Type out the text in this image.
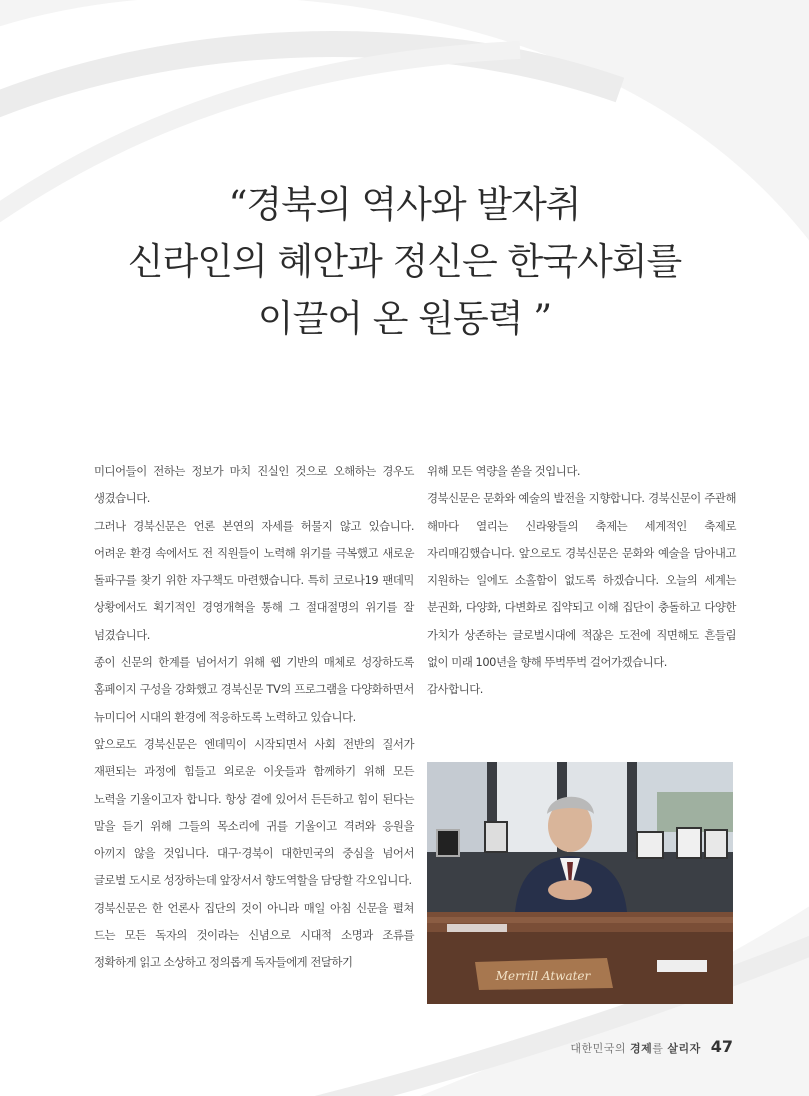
“경북의 역사와 발자취
신라인의 혜안과 정신은 한국사회를
이끌어 온 원동력 ”

미디어들이 전하는 정보가 마치 진실인 것으로 오해하는 경우도 생겼습니다.

그러나 경북신문은 언론 본연의 자세를 허물지 않고 있습니다. 어려운 환경 속에서도 전 직원들이 노력해 위기를 극복했고 새로운 돌파구를 찾기 위한 자구책도 마련했습니다. 특히 코로나19 팬데믹 상황에서도 획기적인 경영개혁을 통해 그 절대절명의 위기를 잘 넘겼습니다.

종이 신문의 한계를 넘어서기 위해 웹 기반의 매체로 성장하도록 홈페이지 구성을 강화했고 경북신문 TV의 프로그램을 다양화하면서 뉴미디어 시대의 환경에 적응하도록 노력하고 있습니다.

앞으로도 경북신문은 엔데믹이 시작되면서 사회 전반의 질서가 재편되는 과정에 힘들고 외로운 이웃들과 함께하기 위해 모든 노력을 기울이고자 합니다. 항상 곁에 있어서 든든하고 힘이 된다는 말을 듣기 위해 그들의 목소리에 귀를 기울이고 격려와 응원을 아끼지 않을 것입니다. 대구·경북이 대한민국의 중심을 넘어서 글로벌 도시로 성장하는데 앞장서서 향도역할을 담당할 각오입니다.

경북신문은 한 언론사 집단의 것이 아니라 매일 아침 신문을 펼쳐 드는 모든 독자의 것이라는 신념으로 시대적 소명과 조류를 정확하게 읽고 소상하고 정의롭게 독자들에게 전달하기

위해 모든 역량을 쏟을 것입니다.

경북신문은 문화와 예술의 발전을 지향합니다. 경북신문이 주관해 해마다 열리는 신라왕들의 축제는 세계적인 축제로 자리매김했습니다. 앞으로도 경북신문은 문화와 예술을 담아내고 지원하는 일에도 소홀함이 없도록 하겠습니다. 오늘의 세계는 분권화, 다양화, 다변화로 집약되고 이해 집단이 충돌하고 다양한 가치가 상존하는 글로벌시대에 적잖은 도전에 직면해도 흔들림 없이 미래 100년을 향해 뚜벅뚜벅 걸어가겠습니다.

감사합니다.

Merrill Atwater
대한민국의 경제를 살리자 47
